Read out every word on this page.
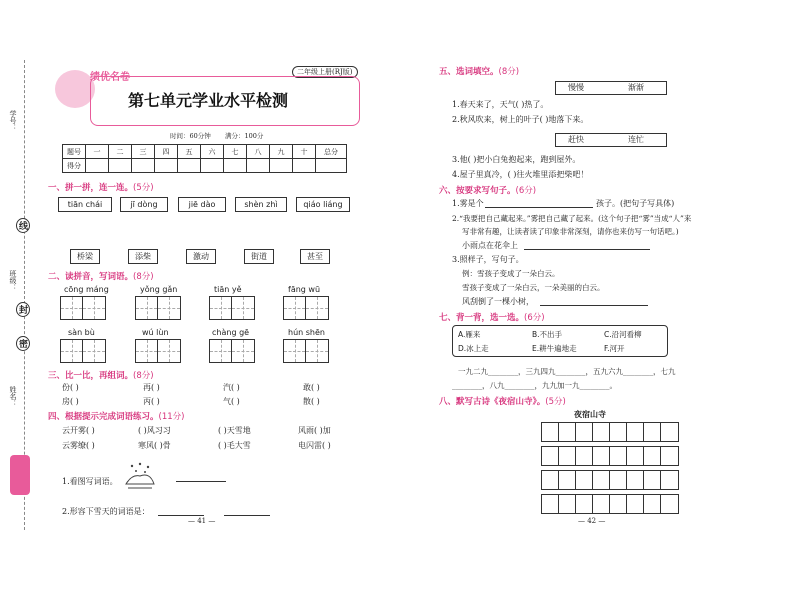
学号：
线
班级：
封
密
姓名：
绩优名卷	二年级上册(RJ版)
第七单元学业水平检测
时间：60分钟 满分：100分
题号	一	二	三	四	五	六	七	八	九	十	总分
得分											
一、拼一拼，连一连。(5分)
tiān chái	jī dòng	jiē dào	shèn zhì	qiáo liáng
桥梁	添柴	激动	街道	甚至
二、读拼音，写词语。(8分)
cōng máng	yǒng gǎn	tiān yě	fāng wū
sàn bù	wú lùn	chàng gē	hún shēn
三、比一比，再组词。(8分)
份( )	再( )	汽( )	敢( )
房( )	丙( )	气( )	散( )
四、根据提示完成词语练习。(11分)
云开雾( )	( )风习习	( )天雪地	风雨( )加
云雾缭( )	寒风( )骨	( )毛大雪	电闪雷( )
1.看图写词语。
2.形容下雪天的词语是：
— 41 —
五、选词填空。(8分)
慢慢	渐渐
1.春天来了，天气( )热了。
2.秋风吹来，树上的叶子( )地落下来。
赶快	连忙
3.他( )把小白兔抱起来，跑到屋外。
4.屋子里真冷，( )往火堆里添把柴吧！
六、按要求写句子。(6分)
1.雾是个	孩子。(把句子写具体)
2.“我要把自己藏起来。”雾把自己藏了起来。(这个句子把“雾”当成“人”来
写非常有趣，让读者读了印象非常深刻，请你也来仿写一句话吧。)
小雨点在花伞上
3.照样子，写句子。
例：雪孩子变成了一朵白云。
雪孩子变成了一朵白云，一朵美丽的白云。
风刮倒了一棵小树，
七、背一背，选一选。(6分)
A.雁来	B.不出手	C.沿河看柳
D.冰上走	E.耕牛遍地走	F.河开
一九二九________，三九四九________，五九六九________，七九
________，八九________，九九加一九________。
八、默写古诗《夜宿山寺》。(5分)
夜宿山寺
— 42 —
